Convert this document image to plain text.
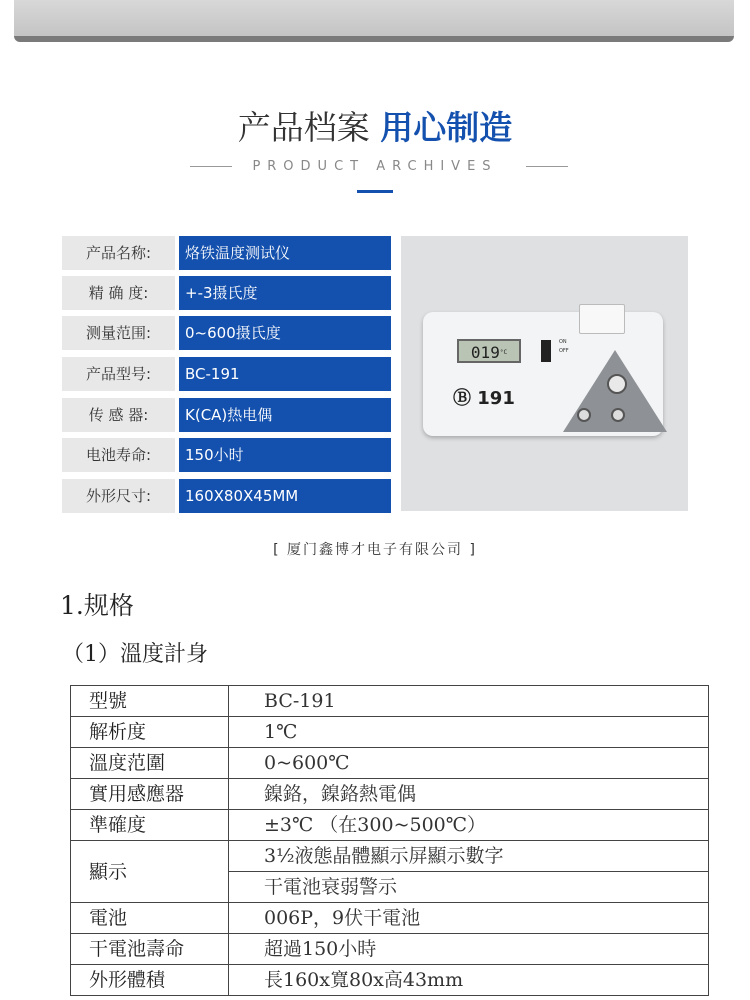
产品档案 用心制造
PRODUCT ARCHIVES
产品名称:	烙铁温度测试仪
精 确 度:	+-3摄氏度
测量范围:	0~600摄氏度
产品型号:	BC-191
传 感 器:	K(CA)热电偶
电池寿命:	150小时
外形尺寸:	160X80X45MM
$019^{^\circ C}$
ON
OFF
Ⓑ 191
[ 厦门鑫博才电子有限公司 ]
1.规格
（1）溫度計身
型號	BC-191
解析度	1℃
溫度范圍	0~600℃
實用感應器	鎳鉻，鎳鉻熱電偶
準確度	±3℃ （在300~500℃）
顯示	3½液態晶體顯示屏顯示數字
	干電池衰弱警示
電池	006P，9伏干電池
干電池壽命	超過150小時
外形體積	長160x寬80x高43mm
